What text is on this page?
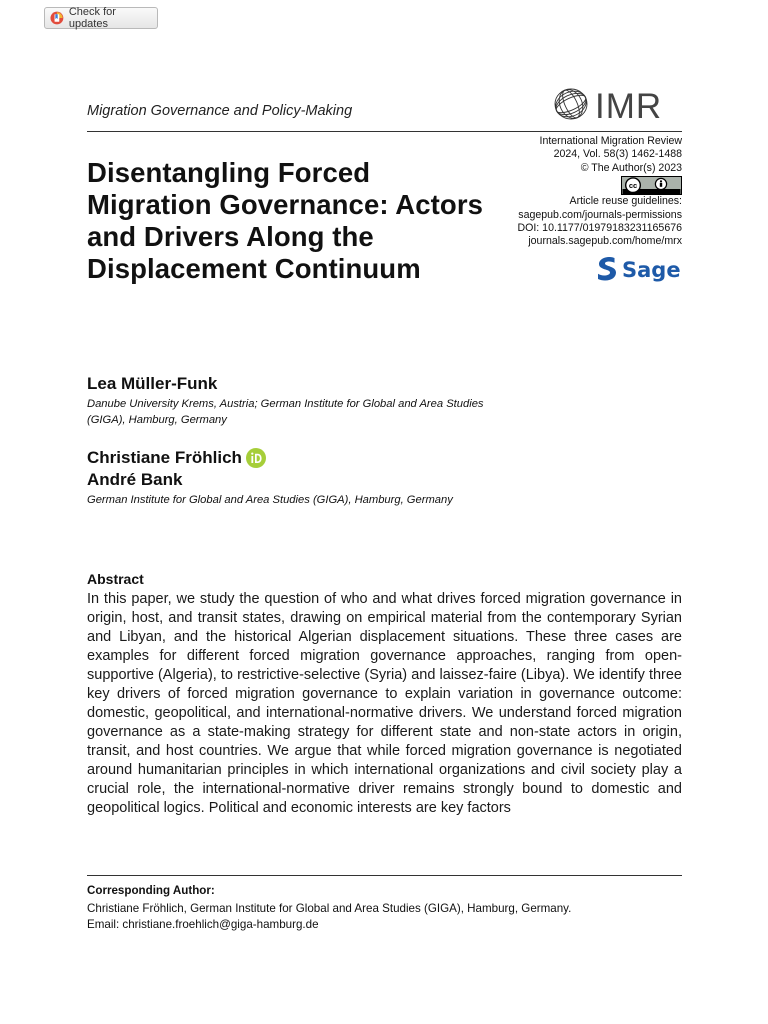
Check for updates
Migration Governance and Policy-Making	IMR
Disentangling Forced Migration Governance: Actors and Drivers Along the Displacement Continuum
International Migration Review
2024, Vol. 58(3) 1462-1488
© The Author(s) 2023
cc
Article reuse guidelines:
sagepub.com/journals-permissions
DOI: 10.1177/01979183231165676
journals.sagepub.com/home/mrx
Sage
Lea Müller-Funk
Danube University Krems, Austria; German Institute for Global and Area Studies (GIGA), Hamburg, Germany
Christiane Fröhlich
André Bank
German Institute for Global and Area Studies (GIGA), Hamburg, Germany
Abstract

In this paper, we study the question of who and what drives forced migration governance in origin, host, and transit states, drawing on empirical material from the contemporary Syrian and Libyan, and the historical Algerian displacement situations. These three cases are examples for different forced migration governance approaches, ranging from open-supportive (Algeria), to restrictive-selective (Syria) and laissez-faire (Libya). We identify three key drivers of forced migration governance to explain variation in governance outcome: domestic, geopolitical, and international-normative drivers. We understand forced migration governance as a state-making strategy for different state and non-state actors in origin, transit, and host countries. We argue that while forced migration governance is negotiated around humanitarian principles in which international organizations and civil society play a crucial role, the international-normative driver remains strongly bound to domestic and geopolitical logics. Political and economic interests are key factors

Corresponding Author:
Christiane Fröhlich, German Institute for Global and Area Studies (GIGA), Hamburg, Germany.
Email: christiane.froehlich@giga-hamburg.de
